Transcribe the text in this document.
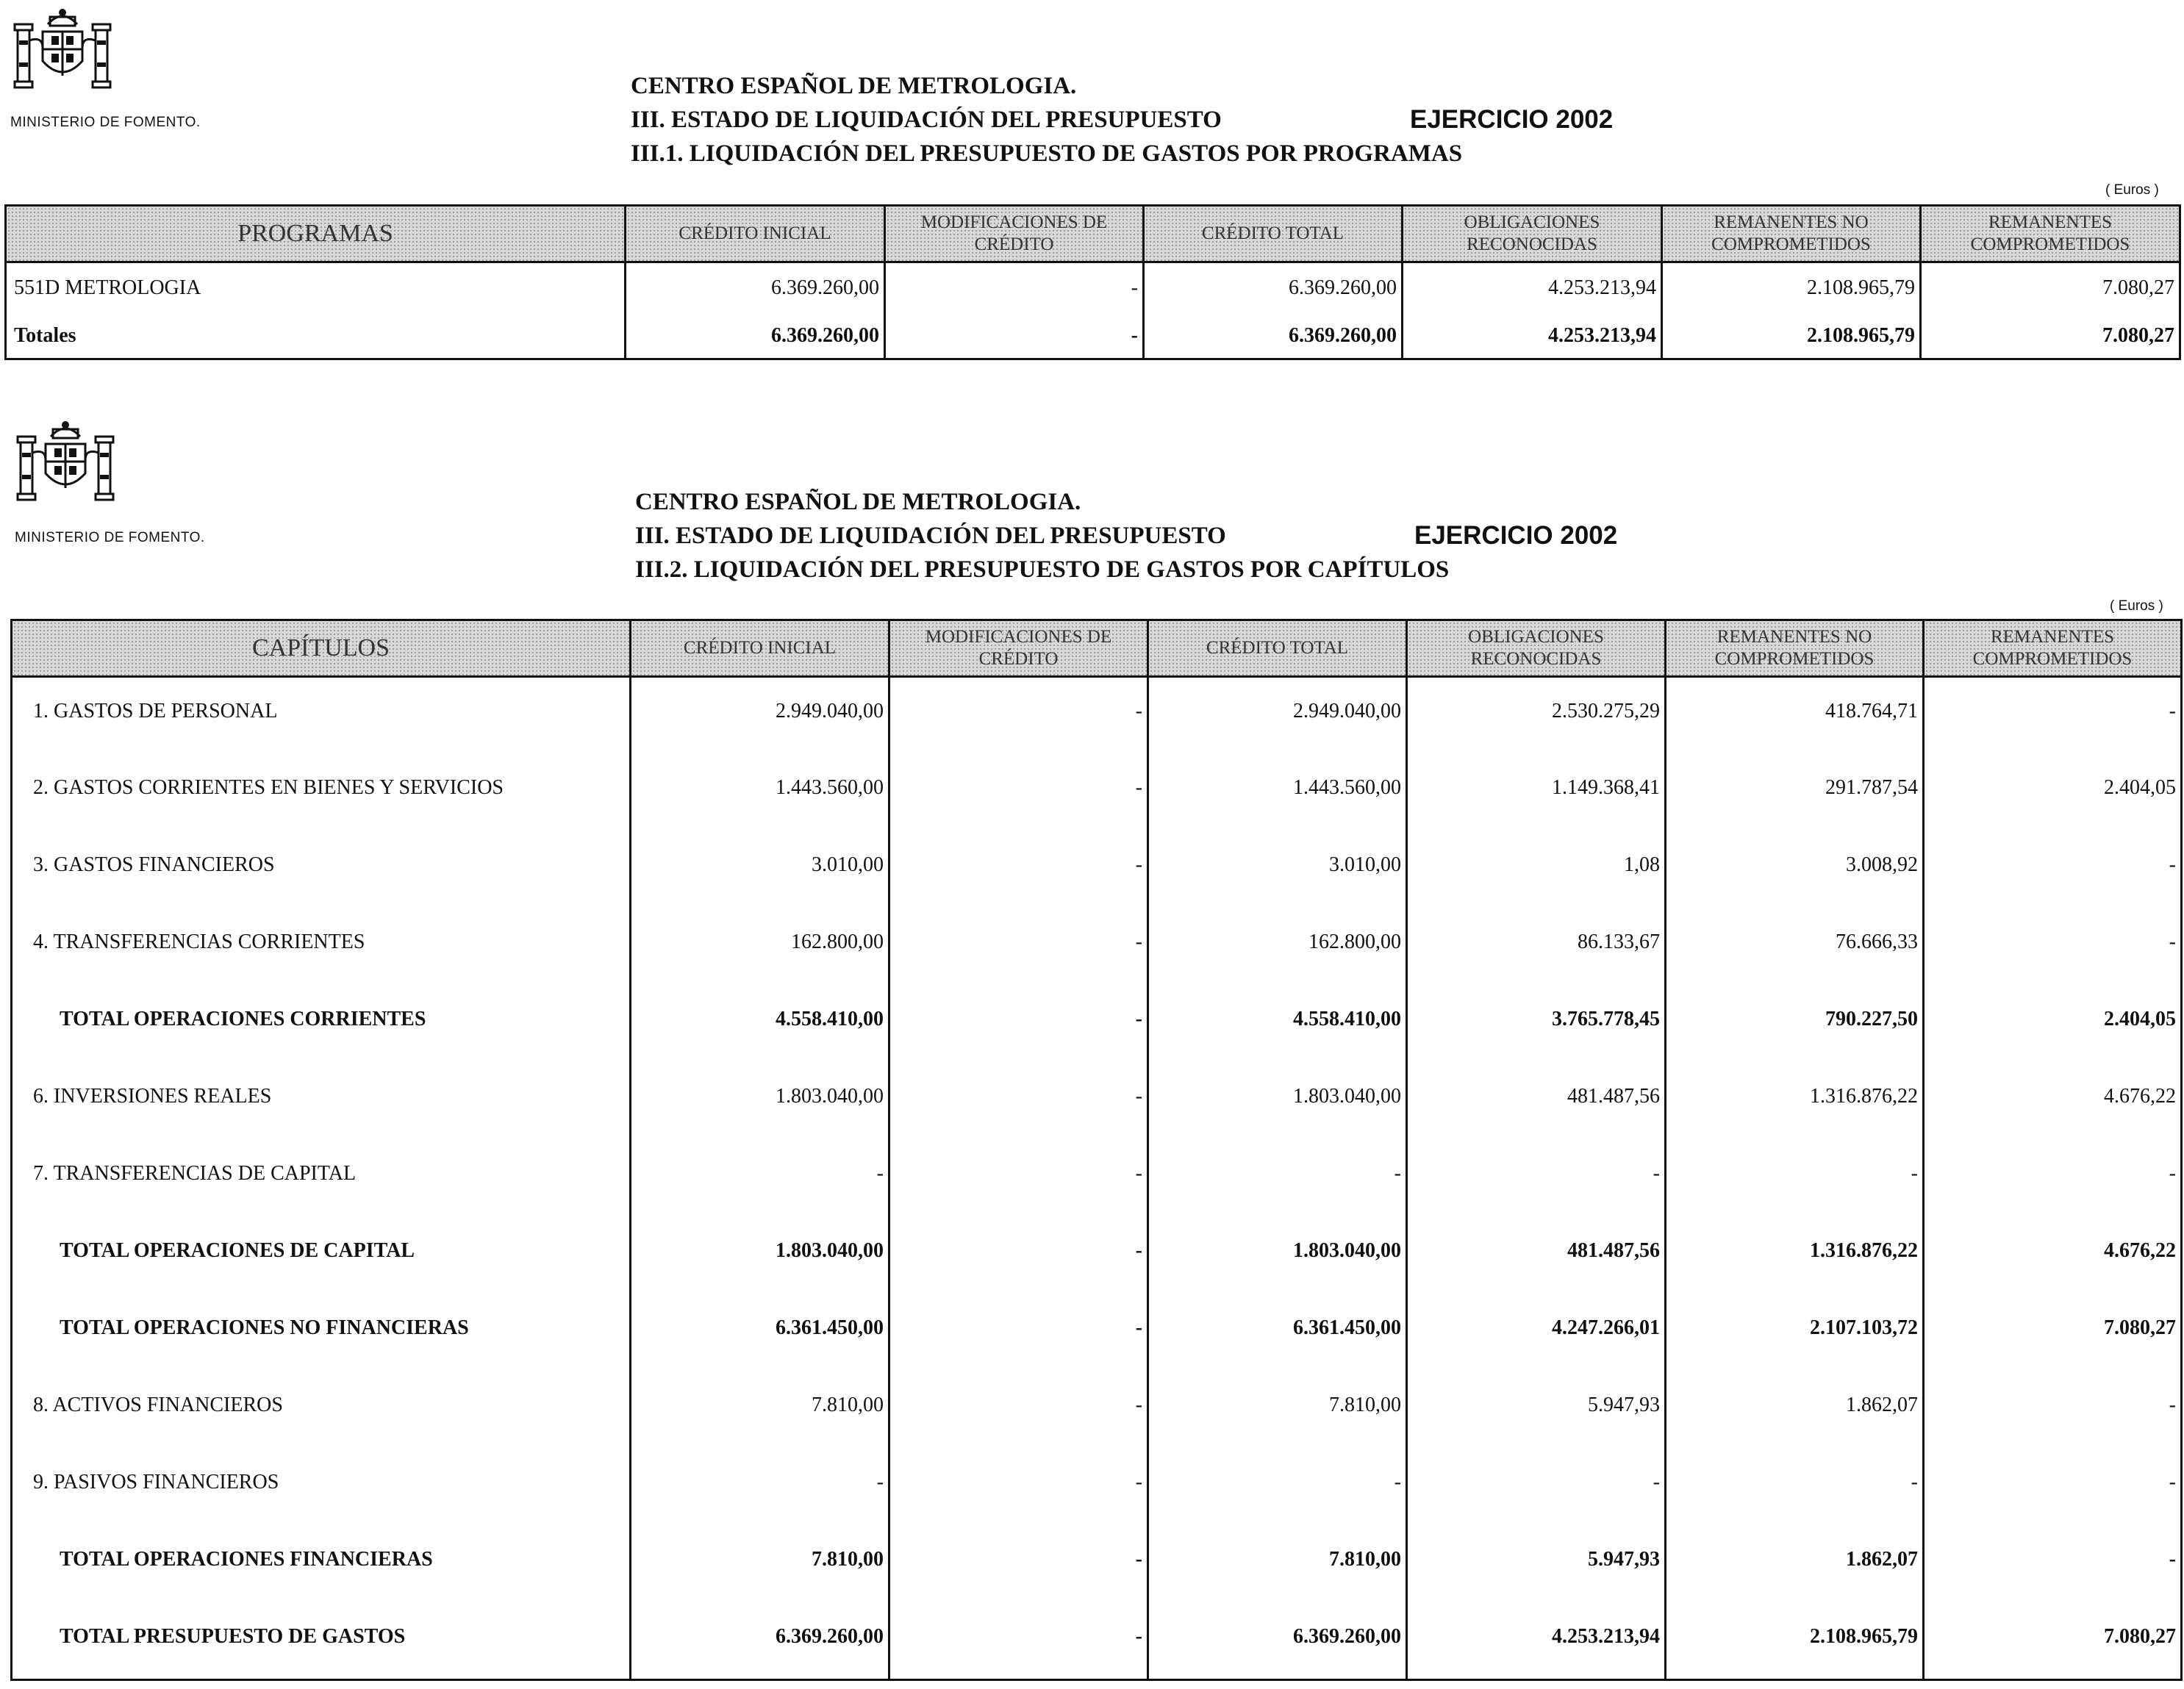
MINISTERIO DE FOMENTO.
CENTRO ESPAÑOL DE METROLOGIA.
III. ESTADO DE LIQUIDACIÓN DEL PRESUPUESTO	EJERCICIO 2002
III.1. LIQUIDACIÓN DEL PRESUPUESTO DE GASTOS POR PROGRAMAS
( Euros )
PROGRAMAS	CRÉDITO INICIAL	MODIFICACIONES DE CRÉDITO	CRÉDITO TOTAL	OBLIGACIONES RECONOCIDAS	REMANENTES NO COMPROMETIDOS	REMANENTES COMPROMETIDOS
551D METROLOGIA	6.369.260,00	-	6.369.260,00	4.253.213,94	2.108.965,79	7.080,27
Totales	6.369.260,00	-	6.369.260,00	4.253.213,94	2.108.965,79	7.080,27
MINISTERIO DE FOMENTO.
CENTRO ESPAÑOL DE METROLOGIA.
III. ESTADO DE LIQUIDACIÓN DEL PRESUPUESTO	EJERCICIO 2002
III.2. LIQUIDACIÓN DEL PRESUPUESTO DE GASTOS POR CAPÍTULOS
( Euros )
CAPÍTULOS	CRÉDITO INICIAL	MODIFICACIONES DE CRÉDITO	CRÉDITO TOTAL	OBLIGACIONES RECONOCIDAS	REMANENTES NO COMPROMETIDOS	REMANENTES COMPROMETIDOS
1. GASTOS DE PERSONAL	2.949.040,00	-	2.949.040,00	2.530.275,29	418.764,71	-
2. GASTOS CORRIENTES EN BIENES Y SERVICIOS	1.443.560,00	-	1.443.560,00	1.149.368,41	291.787,54	2.404,05
3. GASTOS FINANCIEROS	3.010,00	-	3.010,00	1,08	3.008,92	-
4. TRANSFERENCIAS CORRIENTES	162.800,00	-	162.800,00	86.133,67	76.666,33	-
TOTAL OPERACIONES CORRIENTES	4.558.410,00	-	4.558.410,00	3.765.778,45	790.227,50	2.404,05
6. INVERSIONES REALES	1.803.040,00	-	1.803.040,00	481.487,56	1.316.876,22	4.676,22
7. TRANSFERENCIAS DE CAPITAL	-	-	-	-	-	-
TOTAL OPERACIONES DE CAPITAL	1.803.040,00	-	1.803.040,00	481.487,56	1.316.876,22	4.676,22
TOTAL OPERACIONES NO FINANCIERAS	6.361.450,00	-	6.361.450,00	4.247.266,01	2.107.103,72	7.080,27
8. ACTIVOS FINANCIEROS	7.810,00	-	7.810,00	5.947,93	1.862,07	-
9. PASIVOS FINANCIEROS	-	-	-	-	-	-
TOTAL OPERACIONES FINANCIERAS	7.810,00	-	7.810,00	5.947,93	1.862,07	-
TOTAL PRESUPUESTO DE GASTOS	6.369.260,00	-	6.369.260,00	4.253.213,94	2.108.965,79	7.080,27
